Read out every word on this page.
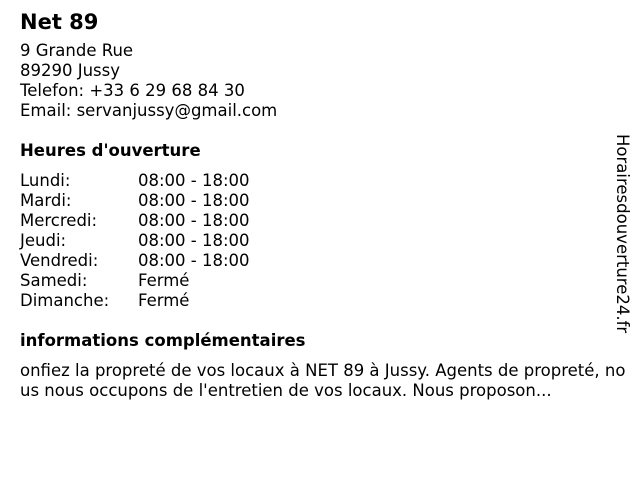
Net 89
9 Grande Rue
89290 Jussy
Telefon: +33 6 29 68 84 30
Email: servanjussy@gmail.com
Heures d'ouverture
Lundi:	08:00 - 18:00
Mardi:	08:00 - 18:00
Mercredi:	08:00 - 18:00
Jeudi:	08:00 - 18:00
Vendredi:	08:00 - 18:00
Samedi:	Fermé
Dimanche:	Fermé
informations complémentaires
onfiez la propreté de vos locaux à NET 89 à Jussy. Agents de propreté, nous nous occupons de l'entretien de vos locaux. Nous proposon...
Horairesdouverture24.fr
